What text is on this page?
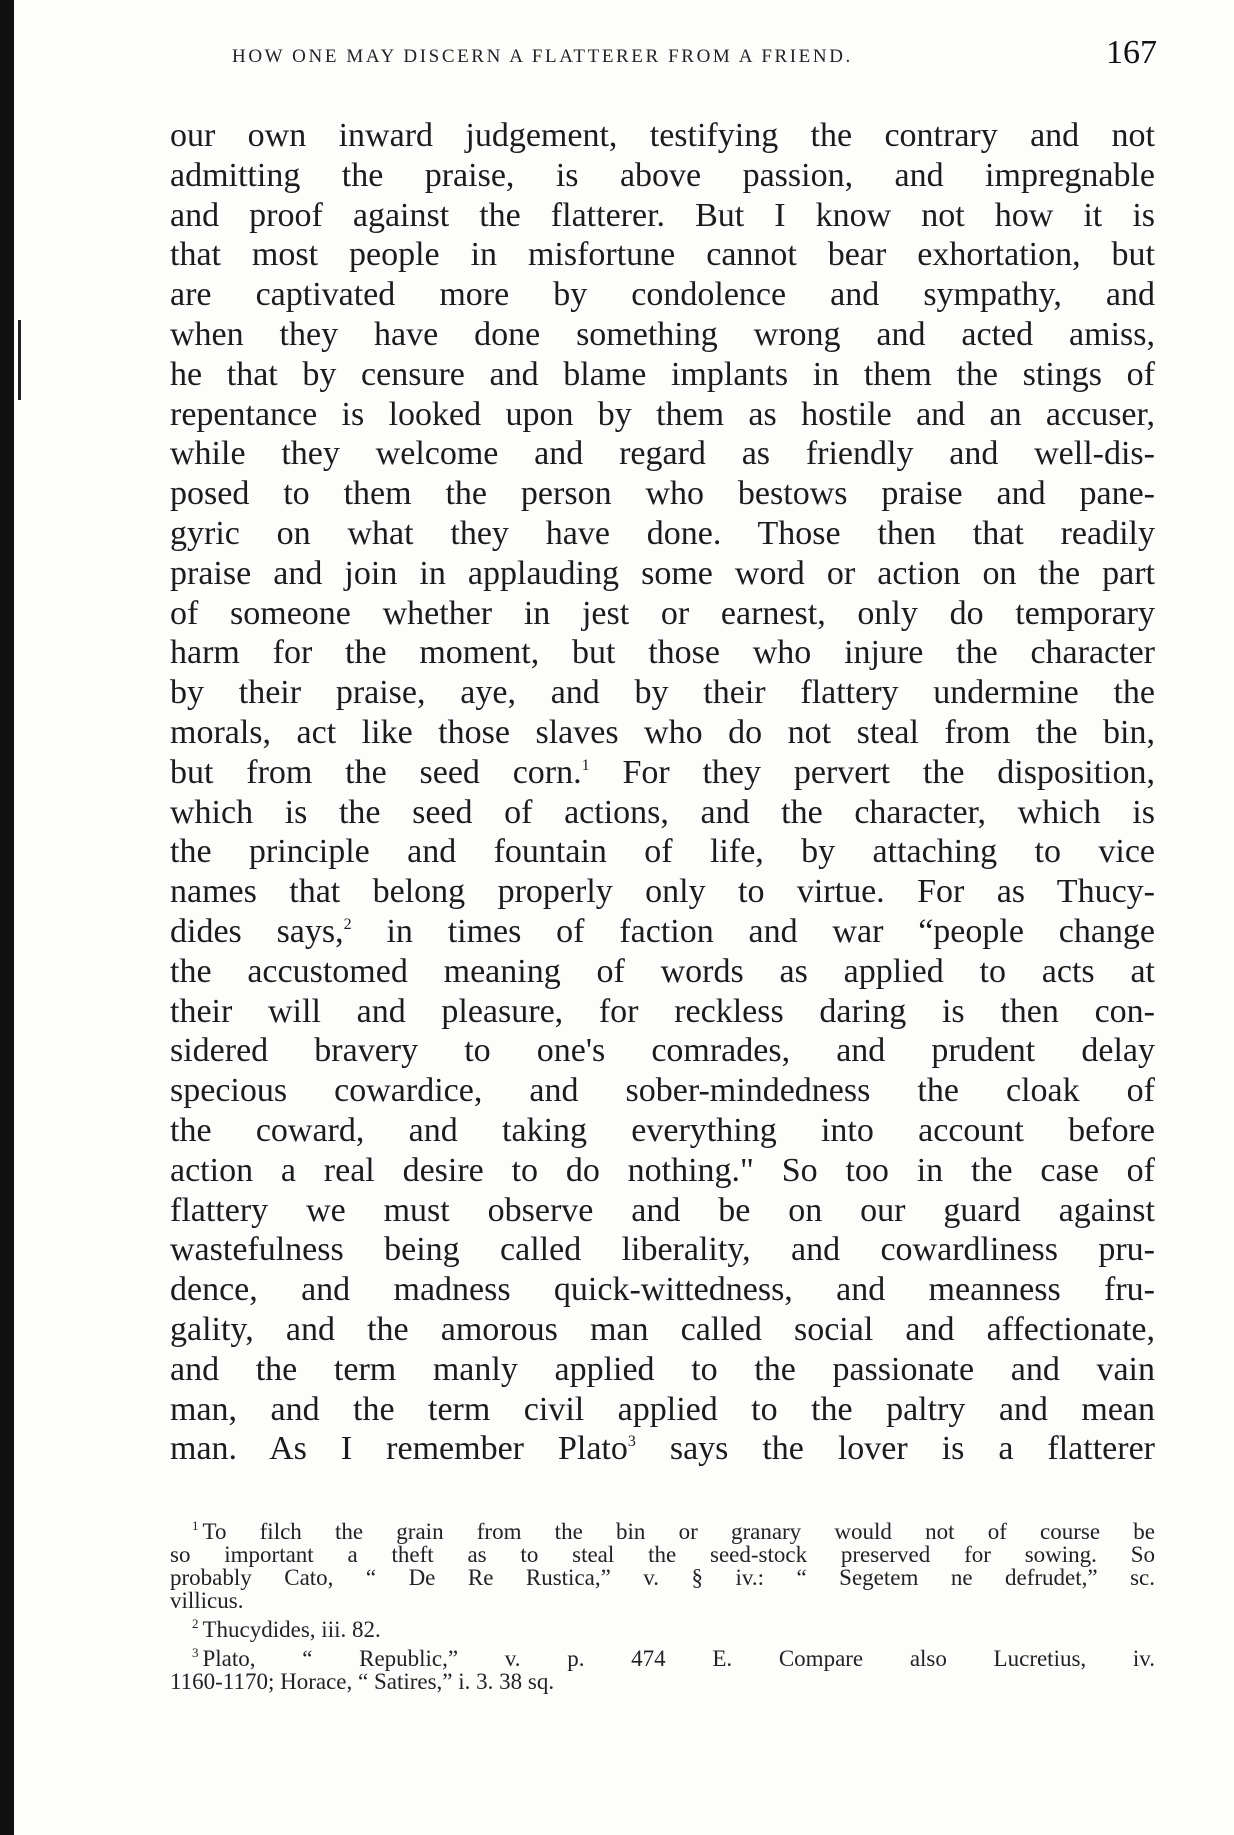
HOW ONE MAY DISCERN A FLATTERER FROM A FRIEND.	167
our own inward judgement, testifying the contrary and not
admitting the praise, is above passion, and impregnable
and proof against the flatterer. But I know not how it is
that most people in misfortune cannot bear exhortation, but
are captivated more by condolence and sympathy, and
when they have done something wrong and acted amiss,
he that by censure and blame implants in them the stings of
repentance is looked upon by them as hostile and an accuser,
while they welcome and regard as friendly and well-dis-
posed to them the person who bestows praise and pane-
gyric on what they have done. Those then that readily
praise and join in applauding some word or action on the part
of someone whether in jest or earnest, only do temporary
harm for the moment, but those who injure the character
by their praise, aye, and by their flattery undermine the
morals, act like those slaves who do not steal from the bin,
but from the seed corn.$^1$ For they pervert the disposition,
which is the seed of actions, and the character, which is
the principle and fountain of life, by attaching to vice
names that belong properly only to virtue. For as Thucy-
dides says,$^2$ in times of faction and war “people change
the accustomed meaning of words as applied to acts at
their will and pleasure, for reckless daring is then con-
sidered bravery to one's comrades, and prudent delay
specious cowardice, and sober-mindedness the cloak of
the coward, and taking everything into account before
action a real desire to do nothing." So too in the case of
flattery we must observe and be on our guard against
wastefulness being called liberality, and cowardliness pru-
dence, and madness quick-wittedness, and meanness fru-
gality, and the amorous man called social and affectionate,
and the term manly applied to the passionate and vain
man, and the term civil applied to the paltry and mean
man. As I remember Plato$^3$ says the lover is a flatterer
$^1$ To filch the grain from the bin or granary would not of course be
so important a theft as to steal the seed-stock preserved for sowing. So
probably Cato, “ De Re Rustica,” v. § iv.: “ Segetem ne defrudet,” sc.
villicus.
$^2$ Thucydides, iii. 82.
$^3$ Plato, “ Republic,” v. p. 474 E. Compare also Lucretius, iv.
1160-1170; Horace, “ Satires,” i. 3. 38 sq.
